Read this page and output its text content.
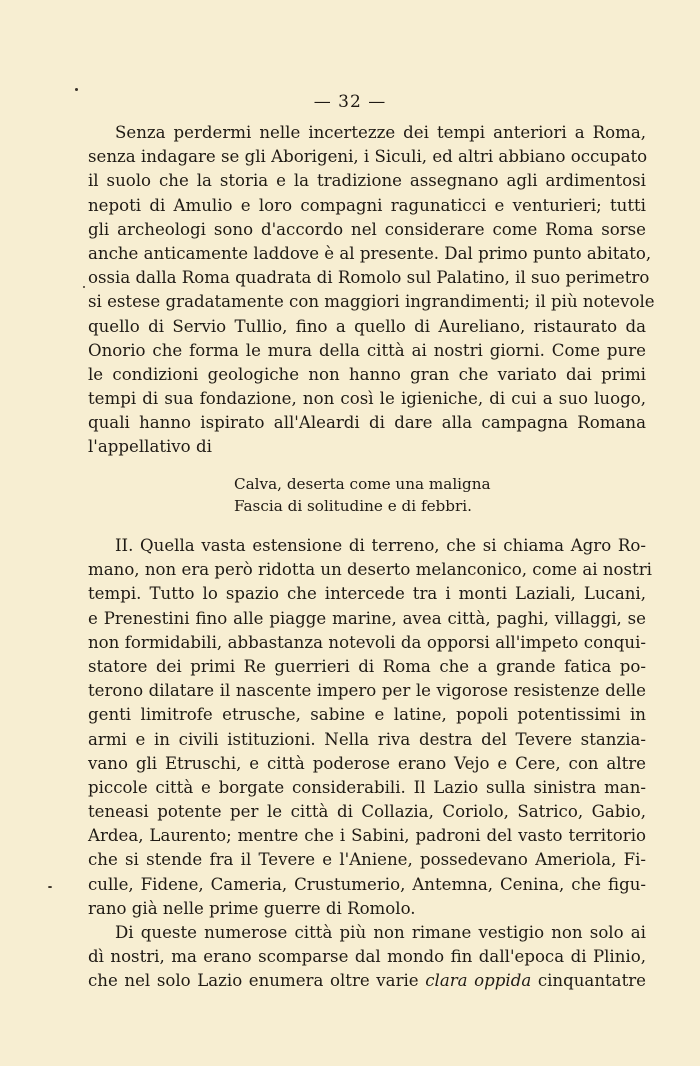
— 32 —
Senza perdermi nelle incertezze dei tempi anteriori a Roma,
senza indagare se gli Aborigeni, i Siculi, ed altri abbiano occupato
il suolo che la storia e la tradizione assegnano agli ardimentosi
nepoti di Amulio e loro compagni ragunaticci e venturieri; tutti
gli archeologi sono d'accordo nel considerare come Roma sorse
anche anticamente laddove è al presente. Dal primo punto abitato,
ossia dalla Roma quadrata di Romolo sul Palatino, il suo perimetro
si estese gradatamente con maggiori ingrandimenti; il più notevole
quello di Servio Tullio, fino a quello di Aureliano, ristaurato da
Onorio che forma le mura della città ai nostri giorni. Come pure
le condizioni geologiche non hanno gran che variato dai primi
tempi di sua fondazione, non così le igieniche, di cui a suo luogo,
quali hanno ispirato all'Aleardi di dare alla campagna Romana
l'appellativo di
Calva, deserta come una maligna
Fascia di solitudine e di febbri.
II. Quella vasta estensione di terreno, che si chiama Agro Ro-
mano, non era però ridotta un deserto melanconico, come ai nostri
tempi. Tutto lo spazio che intercede tra i monti Laziali, Lucani,
e Prenestini fino alle piagge marine, avea città, paghi, villaggi, se
non formidabili, abbastanza notevoli da opporsi all'impeto conqui-
statore dei primi Re guerrieri di Roma che a grande fatica po-
terono dilatare il nascente impero per le vigorose resistenze delle
genti limitrofe etrusche, sabine e latine, popoli potentissimi in
armi e in civili istituzioni. Nella riva destra del Tevere stanzia-
vano gli Etruschi, e città poderose erano Vejo e Cere, con altre
piccole città e borgate considerabili. Il Lazio sulla sinistra man-
teneasi potente per le città di Collazia, Coriolo, Satrico, Gabio,
Ardea, Laurento; mentre che i Sabini, padroni del vasto territorio
che si stende fra il Tevere e l'Aniene, possedevano Ameriola, Fi-
culle, Fidene, Cameria, Crustumerio, Antemna, Cenina, che figu-
rano già nelle prime guerre di Romolo.
Di queste numerose città più non rimane vestigio non solo ai
dì nostri, ma erano scomparse dal mondo fin dall'epoca di Plinio,
che nel solo Lazio enumera oltre varie clara oppida cinquantatre
